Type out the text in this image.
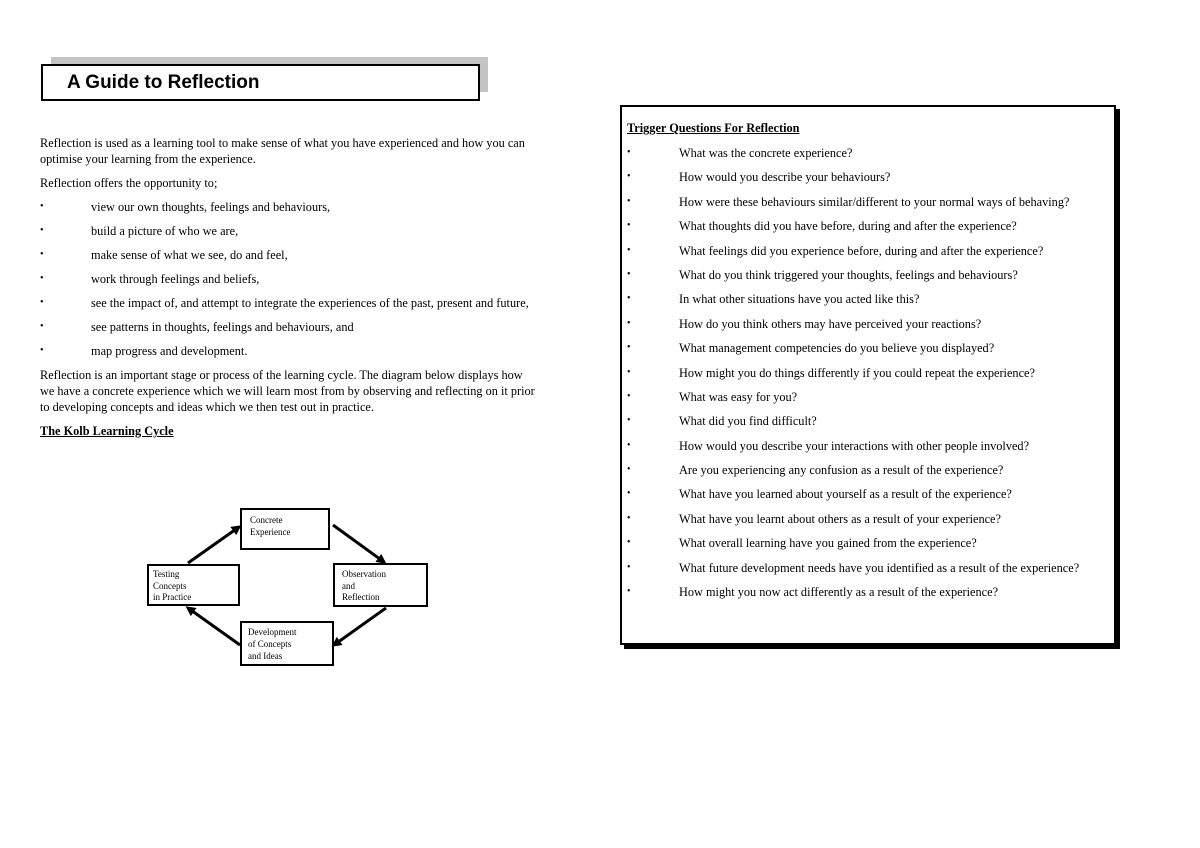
A Guide to Reflection

Reflection is used as a learning tool to make sense of what you have experienced and how you can optimise your learning from the experience.

Reflection offers the opportunity to;

• view our own thoughts, feelings and behaviours,
• build a picture of who we are,
• make sense of what we see, do and feel,
• work through feelings and beliefs,
• see the impact of, and attempt to integrate the experiences of the past, present and future,
• see patterns in thoughts, feelings and behaviours, and
• map progress and development.

Reflection is an important stage or process of the learning cycle. The diagram below displays how we have a concrete experience which we will learn most from by observing and reflecting on it prior to developing concepts and ideas which we then test out in practice.

The Kolb Learning Cycle

Concrete
Experience
Observation
and
Reflection
Development
of Concepts
and Ideas
Testing
Concepts
in Practice

Trigger Questions For Reflection

• What was the concrete experience?
• How would you describe your behaviours?
• How were these behaviours similar/different to your normal ways of behaving?
• What thoughts did you have before, during and after the experience?
• What feelings did you experience before, during and after the experience?
• What do you think triggered your thoughts, feelings and behaviours?
• In what other situations have you acted like this?
• How do you think others may have perceived your reactions?
• What management competencies do you believe you displayed?
• How might you do things differently if you could repeat the experience?
• What was easy for you?
• What did you find difficult?
• How would you describe your interactions with other people involved?
• Are you experiencing any confusion as a result of the experience?
• What have you learned about yourself as a result of the experience?
• What have you learnt about others as a result of your experience?
• What overall learning have you gained from the experience?
• What future development needs have you identified as a result of the experience?
• How might you now act differently as a result of the experience?
